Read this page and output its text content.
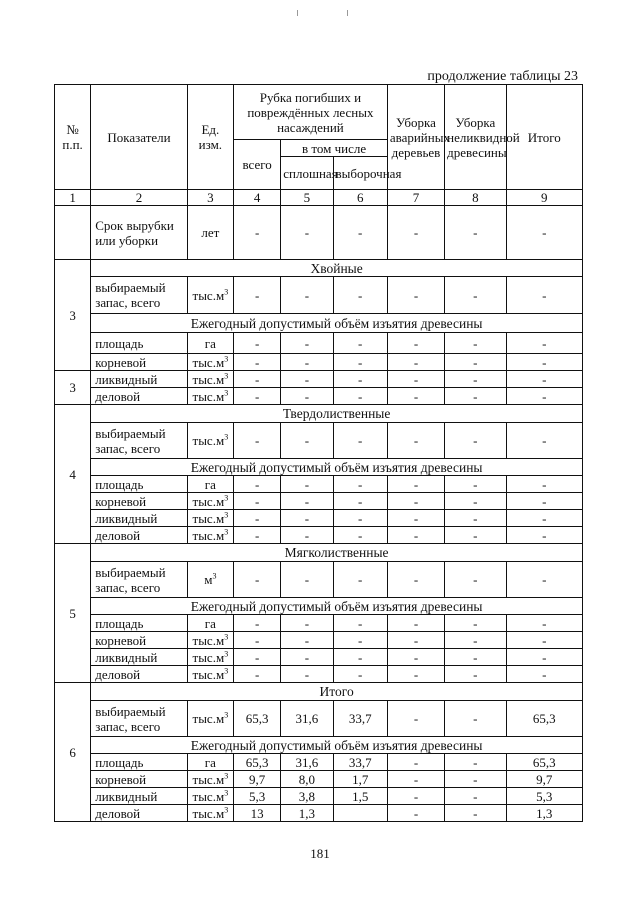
продолжение таблицы 23
№ п.п.	Показатели	Ед. изм.	Рубка погибших и повреждённых лесных насаждений			Уборка аварийных деревьев	Уборка неликвидной древесины	Итого
			всего	в том числе				
				сплошная	выборочная			
1	2	3	4	5	6	7	8	9
	Срок вырубки или уборки	лет	-	-	-	-	-	-
3	Хвойные							
	выбираемый запас, всего	$тыс.м^3$	-	-	-	-	-	-
	Ежегодный допустимый объём изъятия древесины							
	площадь	га	-	-	-	-	-	-
	корневой	$тыс.м^3$	-	-	-	-	-	-
3	ликвидный	$тыс.м^3$	-	-	-	-	-	-
	деловой	$тыс.м^3$	-	-	-	-	-	-
4	Твердолиственные							
	выбираемый запас, всего	$тыс.м^3$	-	-	-	-	-	-
	Ежегодный допустимый объём изъятия древесины							
	площадь	га	-	-	-	-	-	-
	корневой	$тыс.м^3$	-	-	-	-	-	-
	ликвидный	$тыс.м^3$	-	-	-	-	-	-
	деловой	$тыс.м^3$	-	-	-	-	-	-
5	Мягколиственные							
	выбираемый запас, всего	$м^3$	-	-	-	-	-	-
	Ежегодный допустимый объём изъятия древесины							
	площадь	га	-	-	-	-	-	-
	корневой	$тыс.м^3$	-	-	-	-	-	-
	ликвидный	$тыс.м^3$	-	-	-	-	-	-
	деловой	$тыс.м^3$	-	-	-	-	-	-
6	Итого							
	выбираемый запас, всего	$тыс.м^3$	65,3	31,6	33,7	-	-	65,3
	Ежегодный допустимый объём изъятия древесины							
	площадь	га	65,3	31,6	33,7	-	-	65,3
	корневой	$тыс.м^3$	9,7	8,0	1,7	-	-	9,7
	ликвидный	$тыс.м^3$	5,3	3,8	1,5	-	-	5,3
	деловой	$тыс.м^3$	13	1,3		-	-	1,3
181
